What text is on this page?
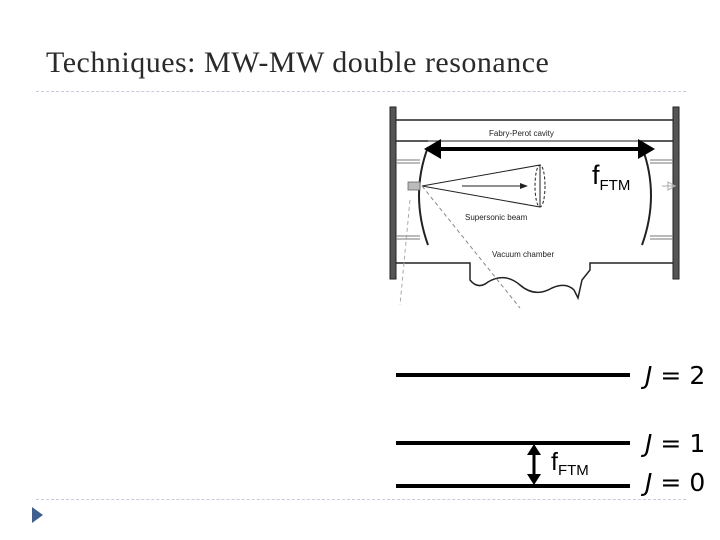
Techniques: MW-MW double resonance
Fabry-Perot cavity
Supersonic beam
Vacuum chamber
fFTM
J = 2
J = 1
J = 0
fFTM
